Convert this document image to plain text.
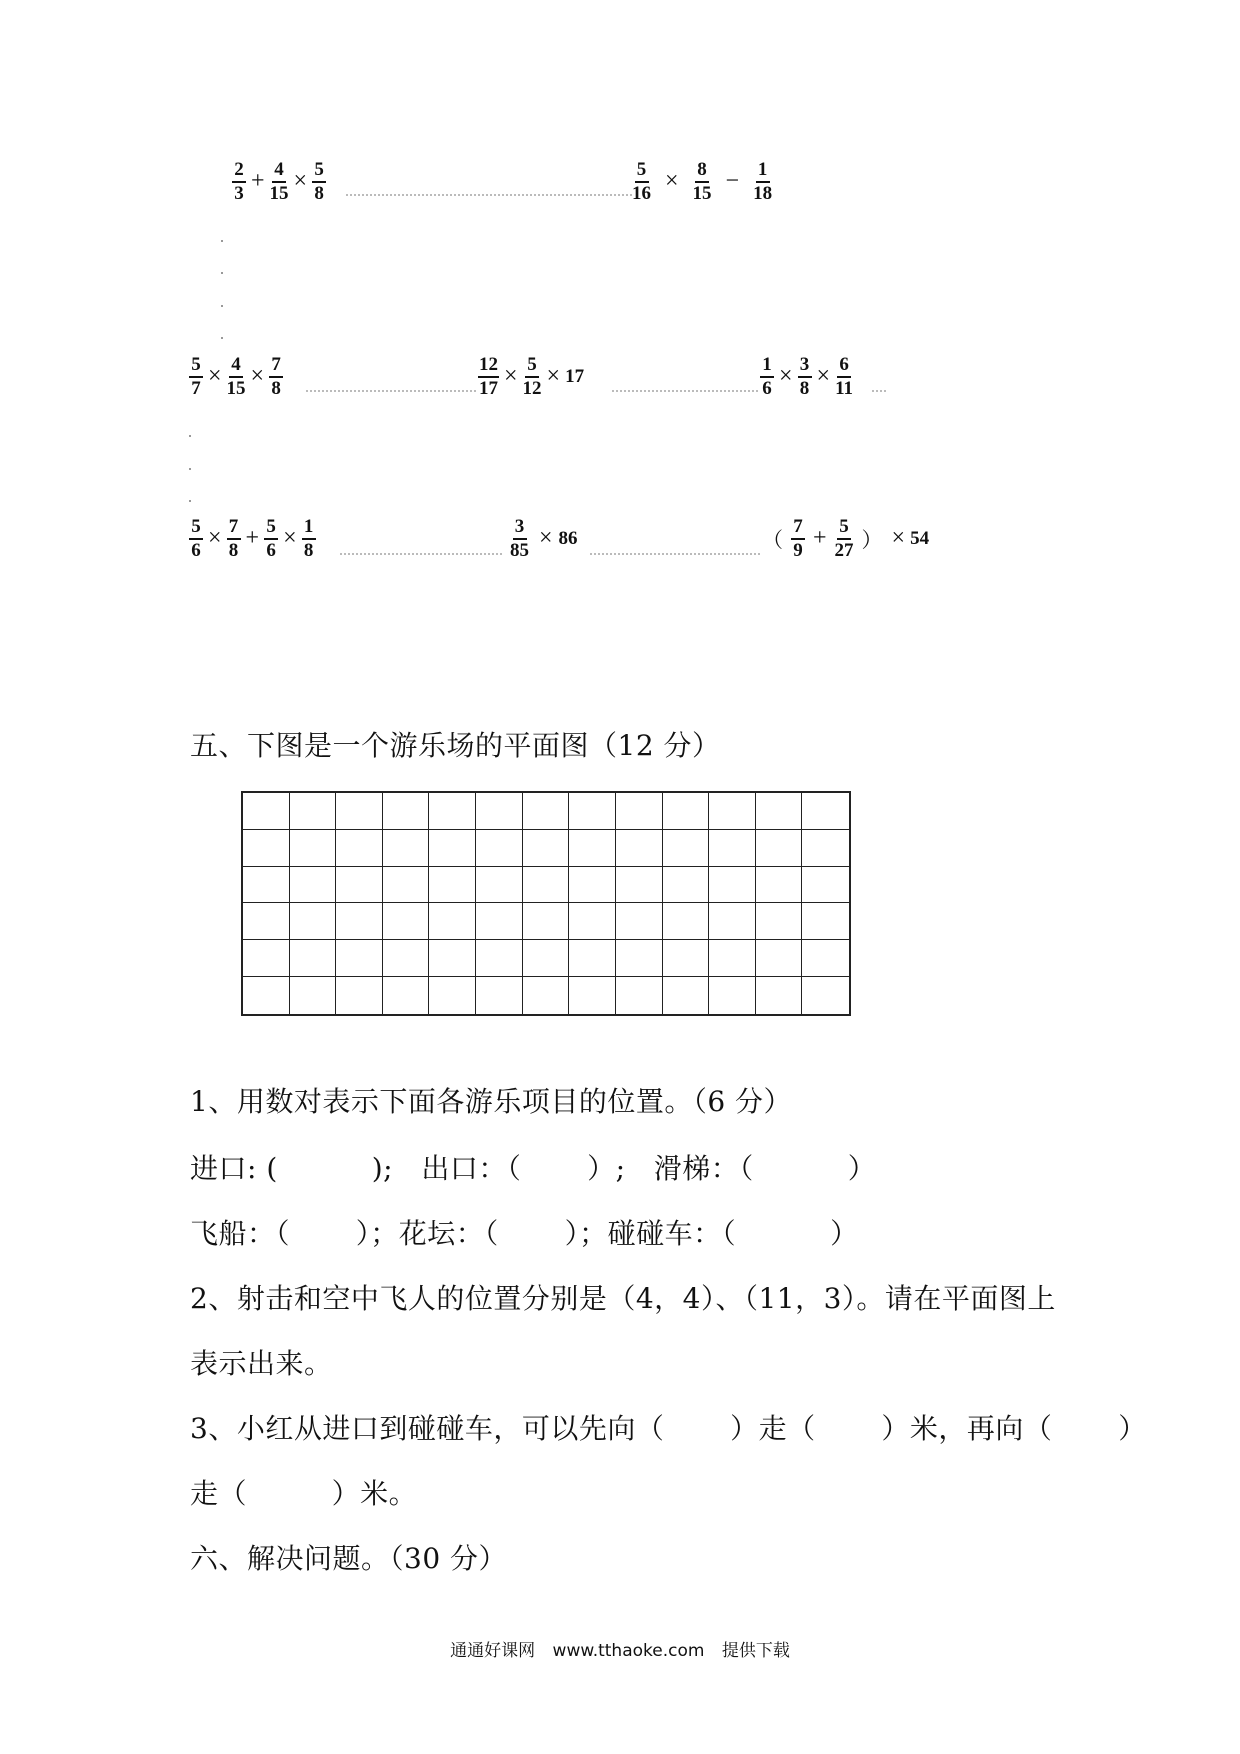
$\frac{2}{3} + \frac{4}{15} \times \frac{5}{8}$	$\frac{5}{16} \times \frac{8}{15} - \frac{1}{18}$
$\frac{5}{7} \times \frac{4}{15} \times \frac{7}{8}$	$\frac{12}{17} \times \frac{5}{12} \times 17$	$\frac{1}{6} \times \frac{3}{8} \times \frac{6}{11}$
$\frac{5}{6} \times \frac{7}{8} + \frac{5}{6} \times \frac{1}{8}$	$\frac{3}{85} \times 86$	（ $\frac{7}{9} + \frac{5}{27}$ ） × 54
五、下图是一个游乐场的平面图（12 分）
1、用数对表示下面各游乐项目的位置。（6 分）
进口: (          );   出口：（       ）;   滑梯：（          ）
飞船：（       ）；花坛：（       ）；碰碰车：（          ）
2、射击和空中飞人的位置分别是（4，4）、（11，3）。请在平面图上
表示出来。
3、小红从进口到碰碰车，可以先向（       ）走（       ）米，再向（       ）
走（         ）米。
六、解决问题。（30 分）
通通好课网 www.tthaoke.com 提供下载
